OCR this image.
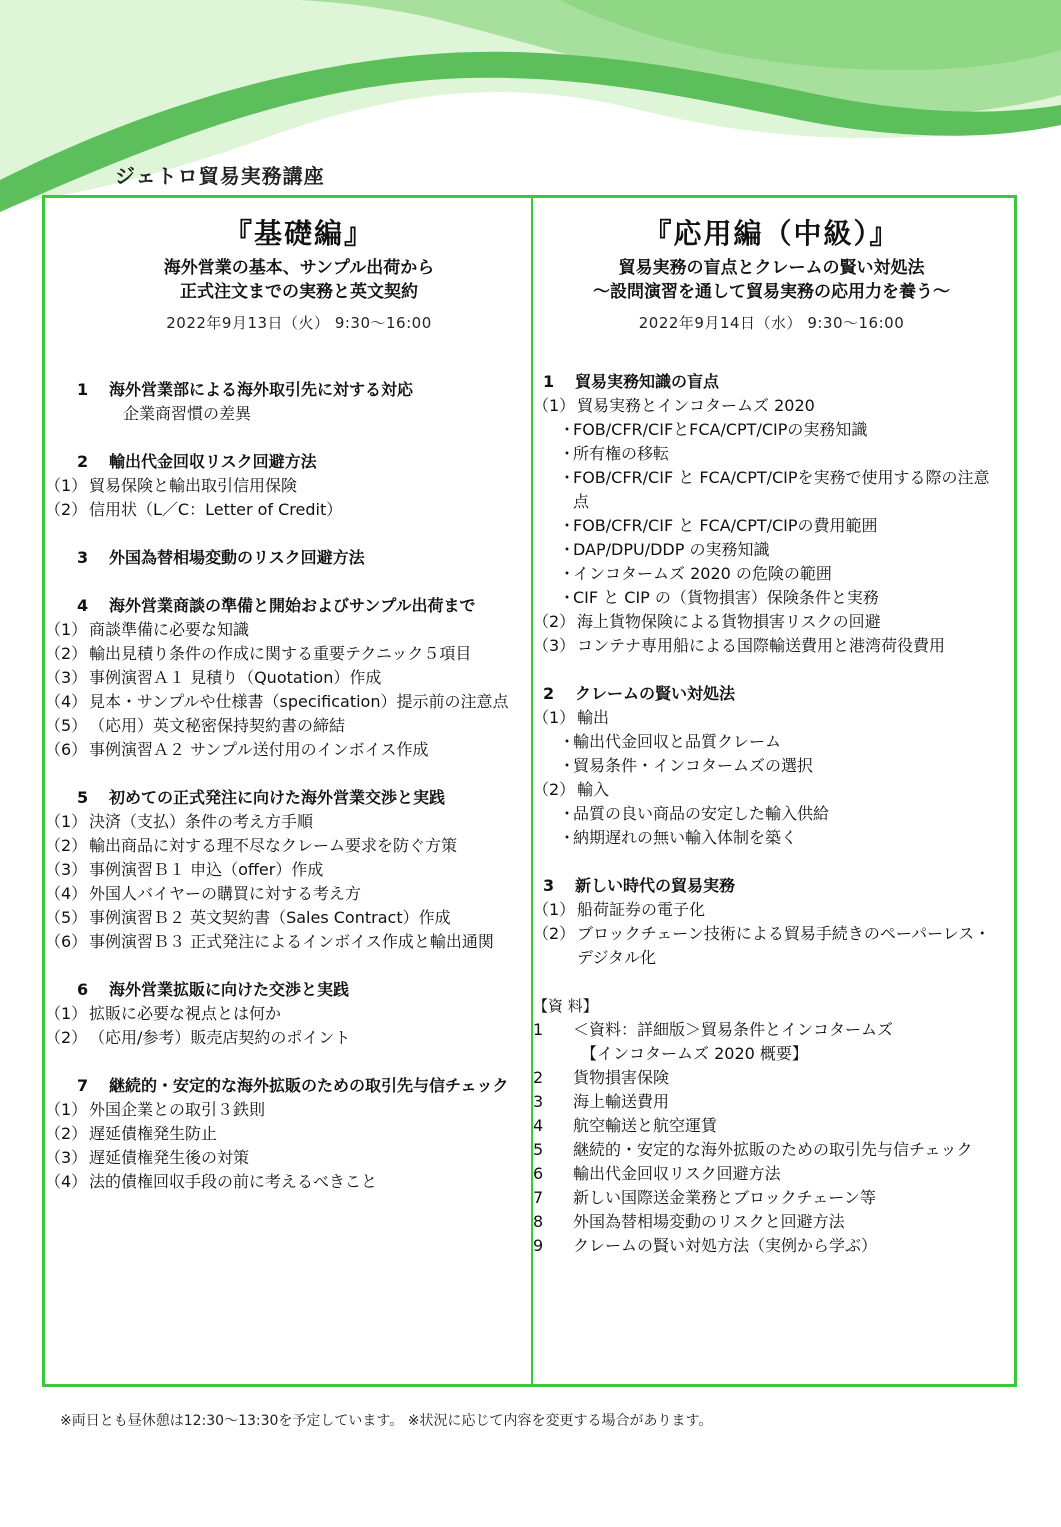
ジェトロ貿易実務講座
『基礎編』

海外営業の基本、サンプル出荷から

正式注文までの実務と英文契約

2022年9月13日（火） 9:30～16:00
1	海外営業部による海外取引先に対する対応
企業商習慣の差異
2	輸出代金回収リスク回避方法
（1） 貿易保険と輸出取引信用保険
（2） 信用状（L／C：Letter of Credit）
3	外国為替相場変動のリスク回避方法
4	海外営業商談の準備と開始およびサンプル出荷まで
（1） 商談準備に必要な知識
（2） 輸出見積り条件の作成に関する重要テクニック５項目
（3） 事例演習Ａ１ 見積り（Quotation）作成
（4） 見本・サンプルや仕様書（specification）提示前の注意点
（5） （応用）英文秘密保持契約書の締結
（6） 事例演習Ａ２ サンプル送付用のインボイス作成
5	初めての正式発注に向けた海外営業交渉と実践
（1） 決済（支払）条件の考え方手順
（2） 輸出商品に対する理不尽なクレーム要求を防ぐ方策
（3） 事例演習Ｂ１ 申込（offer）作成
（4） 外国人バイヤーの購買に対する考え方
（5） 事例演習Ｂ２ 英文契約書（Sales Contract）作成
（6） 事例演習Ｂ３ 正式発注によるインボイス作成と輸出通関
6	海外営業拡販に向けた交渉と実践
（1） 拡販に必要な視点とは何か
（2） （応用/参考）販売店契約のポイント
7	継続的・安定的な海外拡販のための取引先与信チェック
（1） 外国企業との取引３鉄則
（2） 遅延債権発生防止
（3） 遅延債権発生後の対策
（4） 法的債権回収手段の前に考えるべきこと
『応用編（中級）』

貿易実務の盲点とクレームの賢い対処法

～設問演習を通して貿易実務の応用力を養う～

2022年9月14日（水） 9:30～16:00
1	貿易実務知識の盲点
（1） 貿易実務とインコタームズ 2020
・
FOB/CFR/CIFとFCA/CPT/CIPの実務知識
・
所有権の移転
・
FOB/CFR/CIF と FCA/CPT/CIPを実務で使用する際の注意点
・
FOB/CFR/CIF と FCA/CPT/CIPの費用範囲
・
DAP/DPU/DDP の実務知識
・
インコタームズ 2020 の危険の範囲
・
CIF と CIP の（貨物損害）保険条件と実務
（2） 海上貨物保険による貨物損害リスクの回避
（3） コンテナ専用船による国際輸送費用と港湾荷役費用
2	クレームの賢い対処法
（1） 輸出
・
輸出代金回収と品質クレーム
・
貿易条件・インコタームズの選択
（2） 輸入
・
品質の良い商品の安定した輸入供給
・
納期遅れの無い輸入体制を築く
3	新しい時代の貿易実務
（1） 船荷証券の電子化
（2） ブロックチェーン技術による貿易手続きのペーパーレス・デジタル化
【資 料】
1	＜資料：詳細版＞貿易条件とインコタームズ
【インコタームズ 2020 概要】
2	貨物損害保険
3	海上輸送費用
4	航空輸送と航空運賃
5	継続的・安定的な海外拡販のための取引先与信チェック
6	輸出代金回収リスク回避方法
7	新しい国際送金業務とブロックチェーン等
8	外国為替相場変動のリスクと回避方法
9	クレームの賢い対処方法（実例から学ぶ）
※両日とも昼休憩は12:30～13:30を予定しています。 ※状況に応じて内容を変更する場合があります。
